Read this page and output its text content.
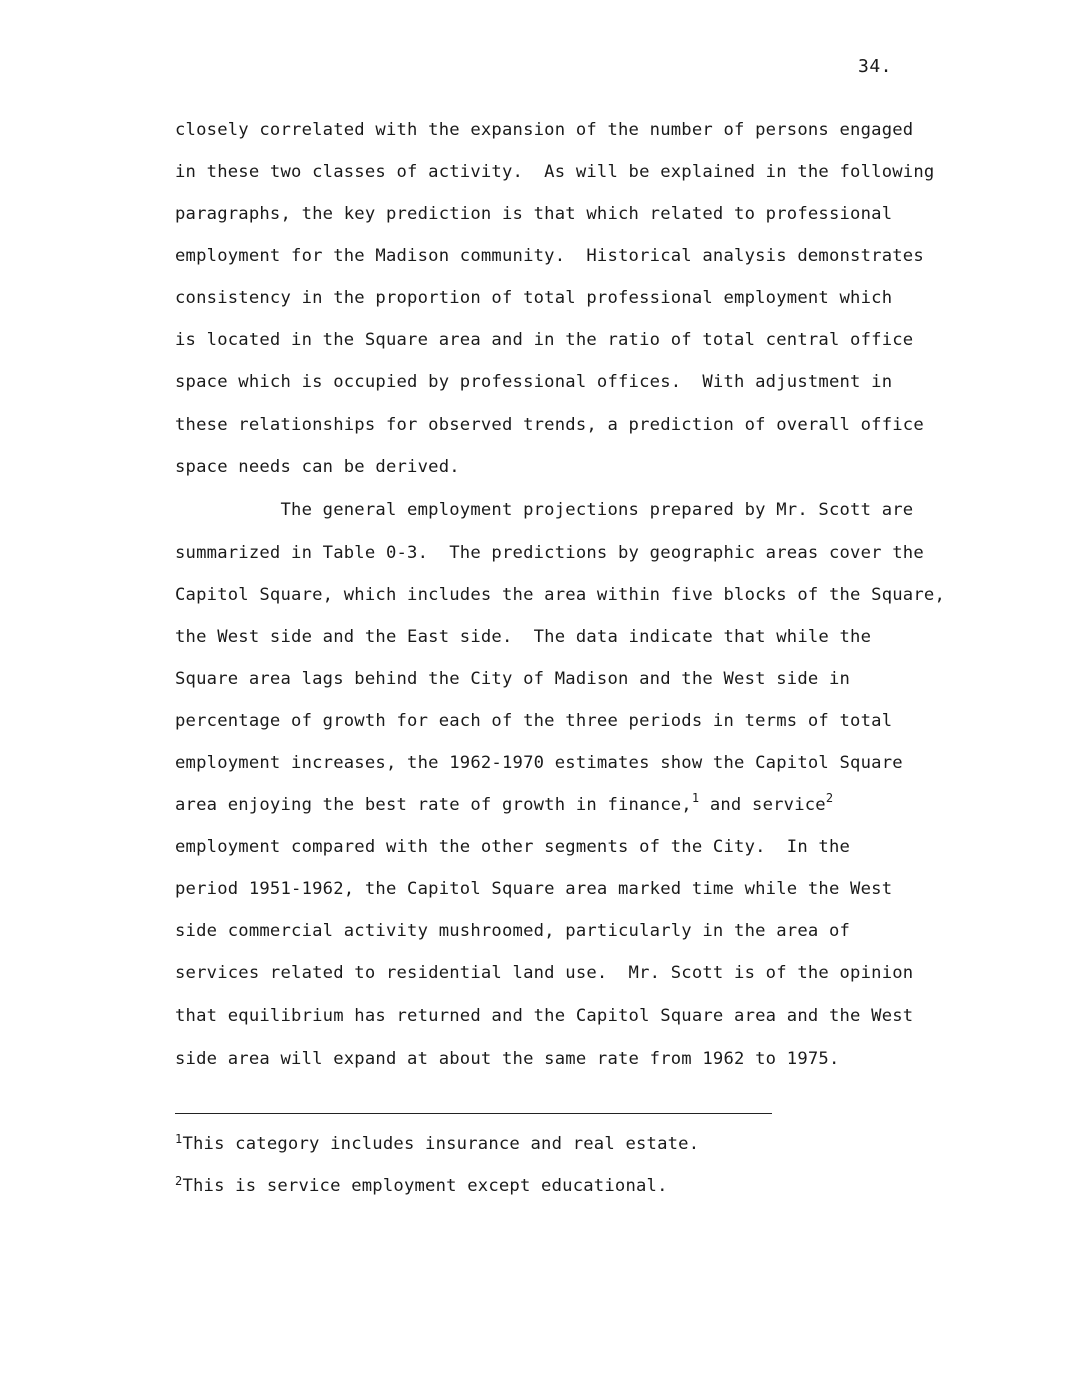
34.
closely correlated with the expansion of the number of persons engaged
in these two classes of activity.  As will be explained in the following
paragraphs, the key prediction is that which related to professional
employment for the Madison community.  Historical analysis demonstrates
consistency in the proportion of total professional employment which
is located in the Square area and in the ratio of total central office
space which is occupied by professional offices.  With adjustment in
these relationships for observed trends, a prediction of overall office
space needs can be derived.
The general employment projections prepared by Mr. Scott are
summarized in Table 0-3.  The predictions by geographic areas cover the
Capitol Square, which includes the area within five blocks of the Square,
the West side and the East side.  The data indicate that while the
Square area lags behind the City of Madison and the West side in
percentage of growth for each of the three periods in terms of total
employment increases, the 1962-1970 estimates show the Capitol Square
area enjoying the best rate of growth in finance,$^1$ and service$^2$
employment compared with the other segments of the City.  In the
period 1951-1962, the Capitol Square area marked time while the West
side commercial activity mushroomed, particularly in the area of
services related to residential land use.  Mr. Scott is of the opinion
that equilibrium has returned and the Capitol Square area and the West
side area will expand at about the same rate from 1962 to 1975.
$^1$This category includes insurance and real estate.
$^2$This is service employment except educational.
